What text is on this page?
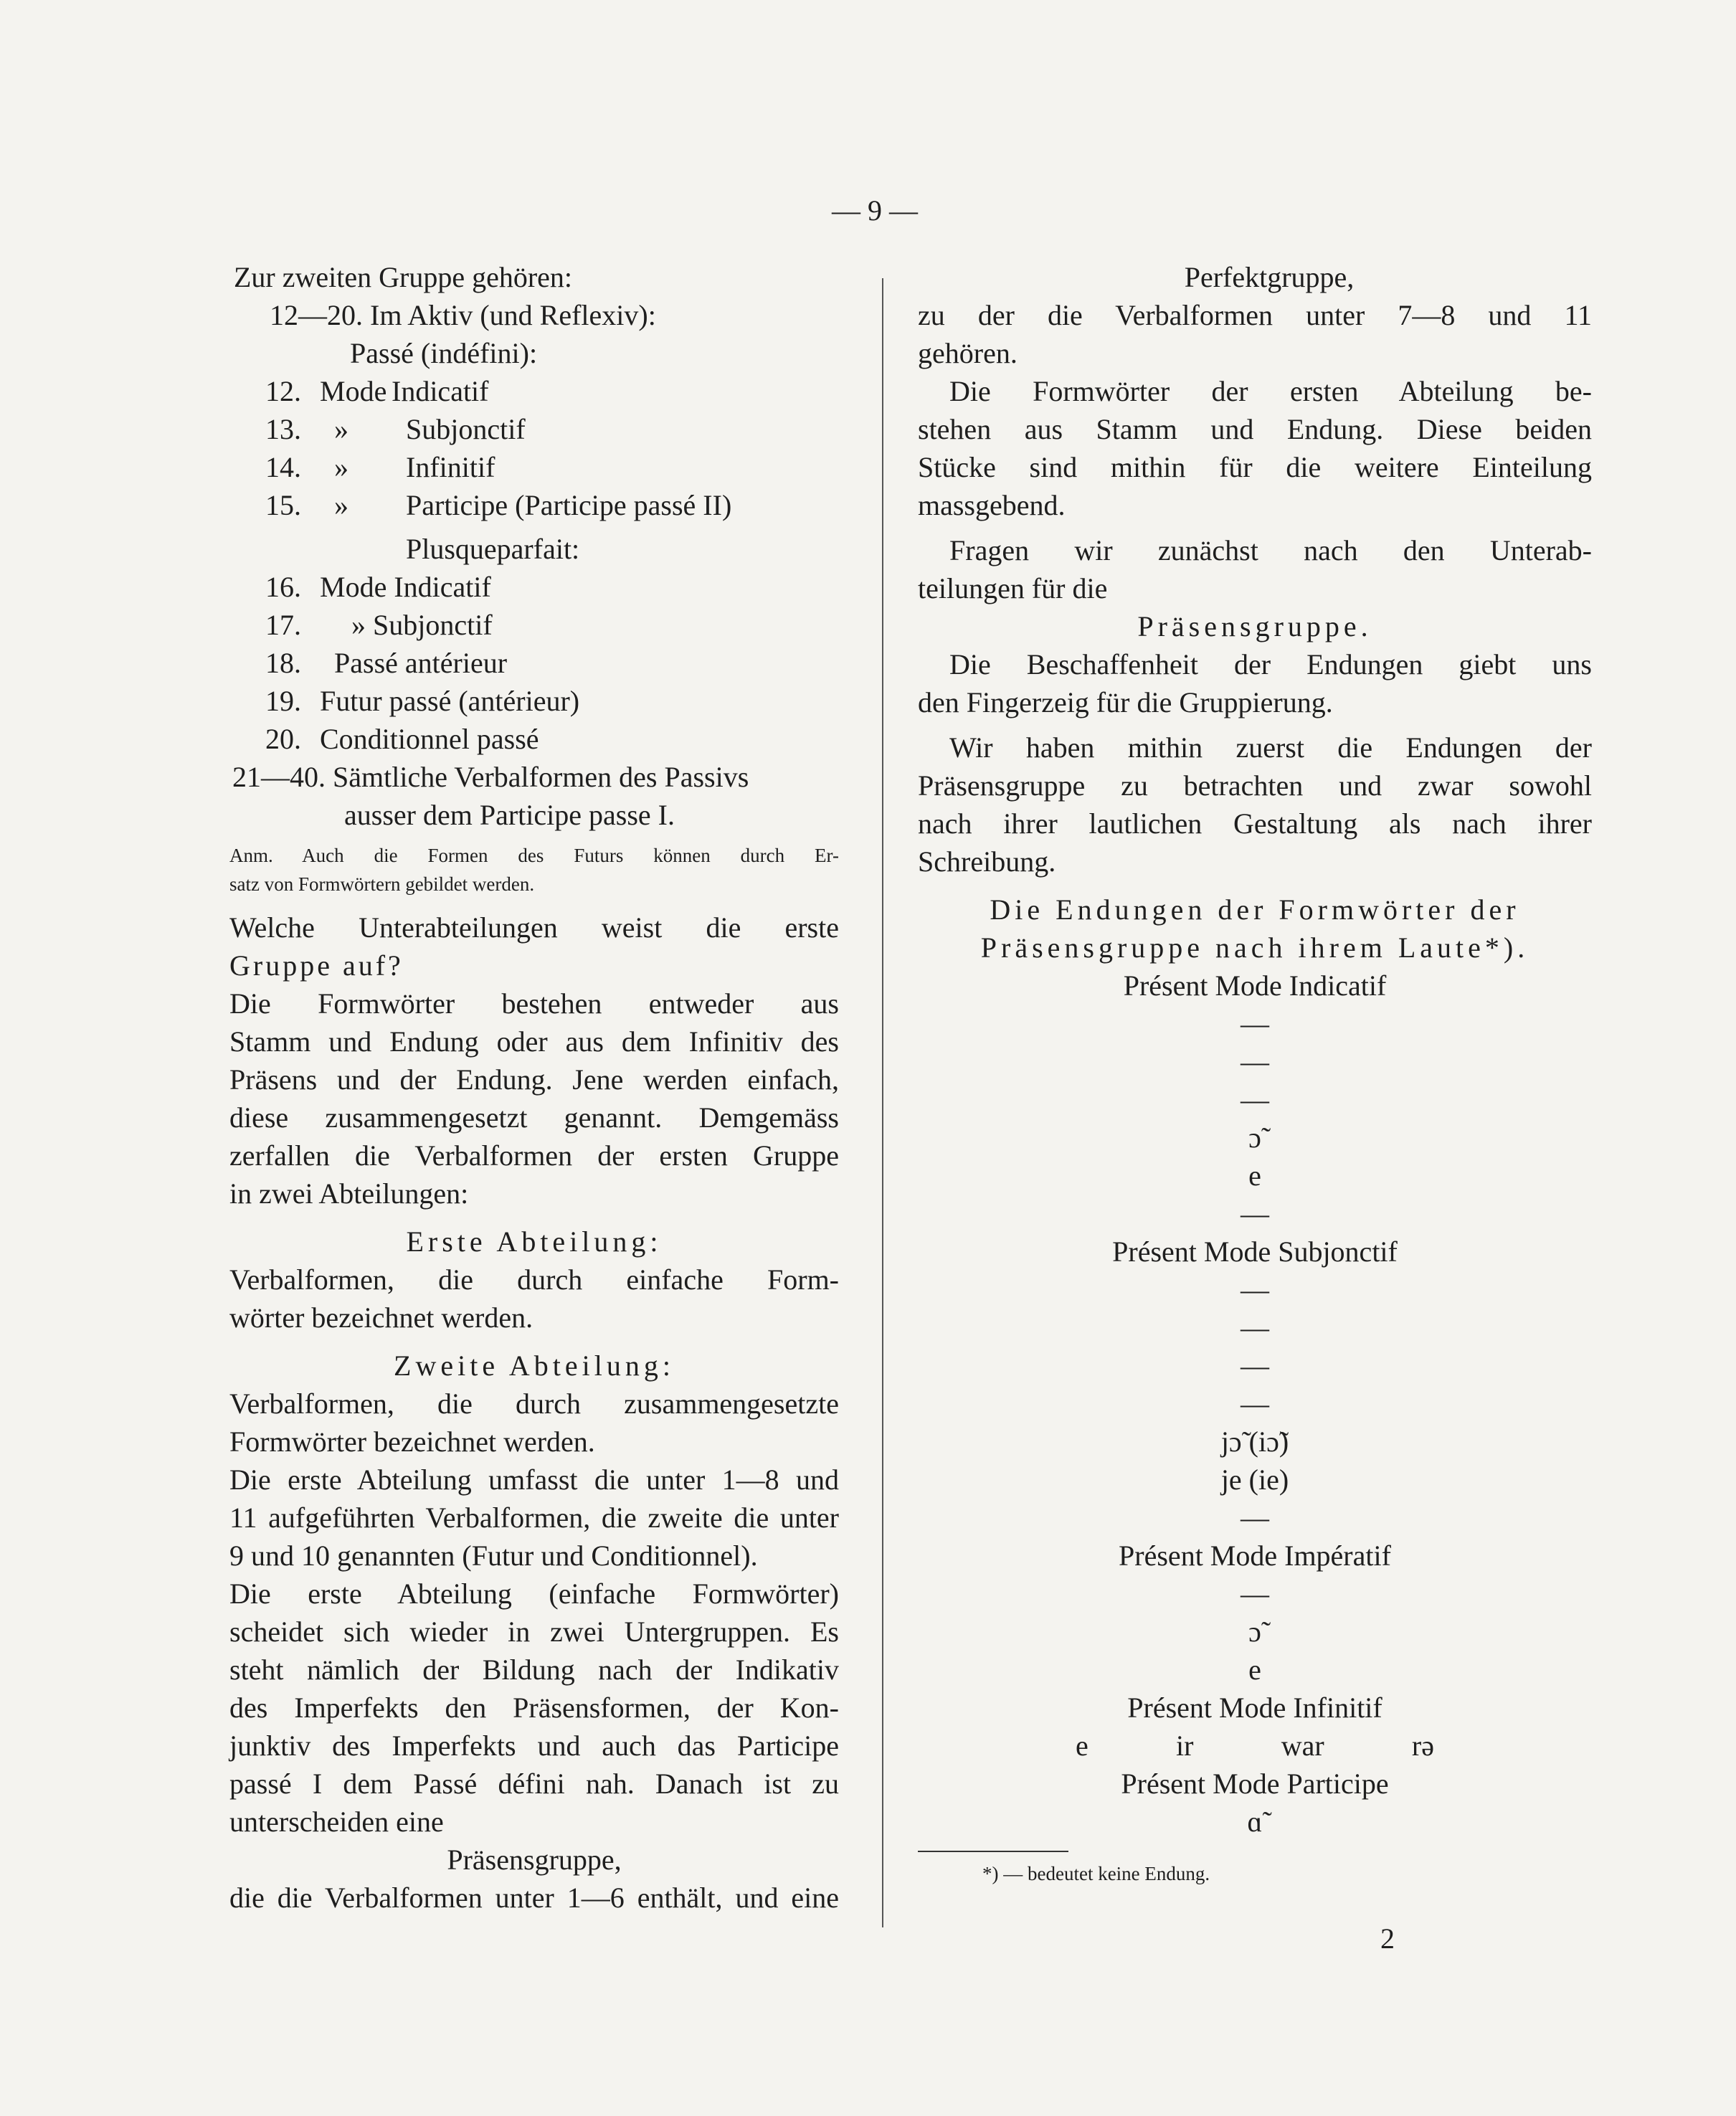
— 9 —
Zur zweiten Gruppe gehören:
12—20. Im Aktiv (und Reflexiv):
Passé (indéfini):
12. Mode Indicatif
13.	»	Subjonctif
14.	»	Infinitif
15.	»	Participe (Participe passé II)
Plusqueparfait:
16. Mode Indicatif
17.	» Subjonctif
18.	Passé antérieur
19. Futur passé (antérieur)
20. Conditionnel passé
21—40. Sämtliche Verbalformen des Passivs
ausser dem Participe passe I.
Anm. Auch die Formen des Futurs können durch Er-
satz von Formwörtern gebildet werden.
Welche Unterabteilungen weist die erste
Gruppe auf?
Die Formwörter bestehen entweder aus
Stamm und Endung oder aus dem Infinitiv des
Präsens und der Endung. Jene werden einfach,
diese zusammengesetzt genannt. Demgemäss
zerfallen die Verbalformen der ersten Gruppe
in zwei Abteilungen:
Erste Abteilung:
Verbalformen, die durch einfache Form-
wörter bezeichnet werden.
Zweite Abteilung:
Verbalformen, die durch zusammengesetzte
Formwörter bezeichnet werden.
Die erste Abteilung umfasst die unter 1—8 und
11 aufgeführten Verbalformen, die zweite die unter
9 und 10 genannten (Futur und Conditionnel).
Die erste Abteilung (einfache Formwörter)
scheidet sich wieder in zwei Untergruppen. Es
steht nämlich der Bildung nach der Indikativ
des Imperfekts den Präsensformen, der Kon-
junktiv des Imperfekts und auch das Participe
passé I dem Passé défini nah. Danach ist zu
unterscheiden eine
Präsensgruppe,
die die Verbalformen unter 1—6 enthält, und eine
Perfektgruppe,
zu der die Verbalformen unter 7—8 und 11
gehören.
Die Formwörter der ersten Abteilung be-
stehen aus Stamm und Endung. Diese beiden
Stücke sind mithin für die weitere Einteilung
massgebend.
Fragen wir zunächst nach den Unterab-
teilungen für die
Präsensgruppe.
Die Beschaffenheit der Endungen giebt uns
den Fingerzeig für die Gruppierung.
Wir haben mithin zuerst die Endungen der
Präsensgruppe zu betrachten und zwar sowohl
nach ihrer lautlichen Gestaltung als nach ihrer
Schreibung.
Die Endungen der Formwörter der
Präsensgruppe nach ihrem Laute*).
Présent Mode Indicatif
—
—
—
ɔ̃
e
—
Présent Mode Subjonctif
—
—
—
—
jɔ̃ (iɔ̃)
je (ie)
—
Présent Mode Impératif
—
ɔ̃
e
Présent Mode Infinitif
e	ir	war	rə
Présent Mode Participe
ɑ̃
*) — bedeutet keine Endung.
2
